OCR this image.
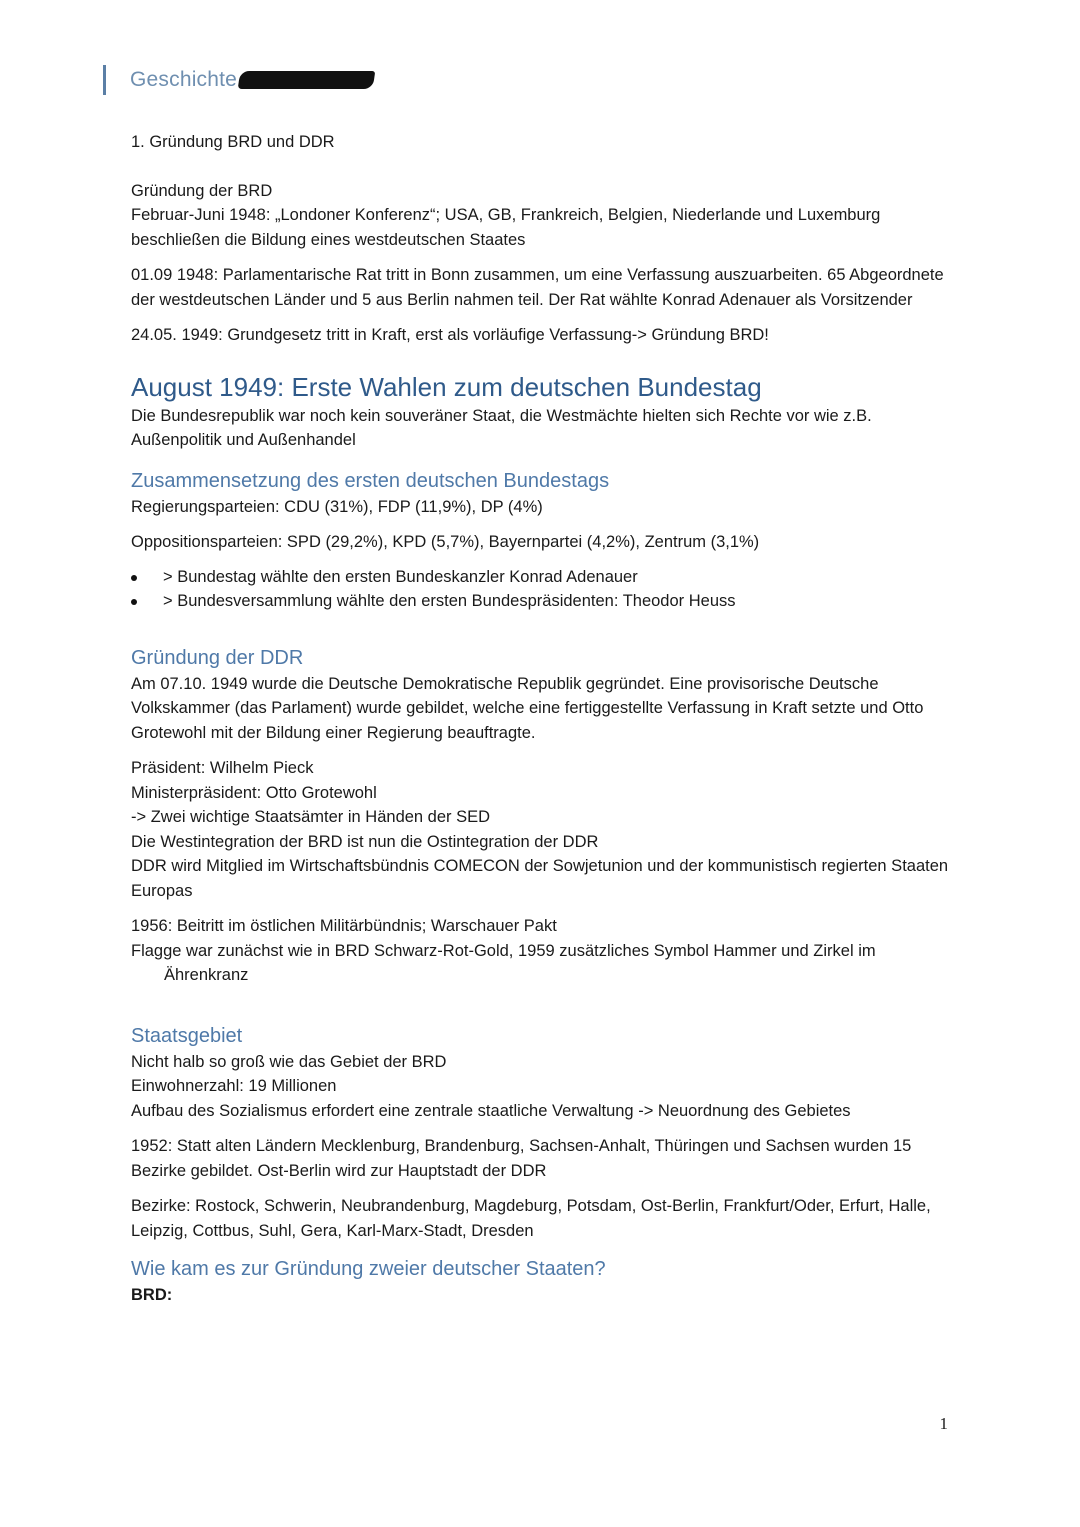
Geschichte

1. Gründung BRD und DDR

Gründung der BRD

Februar-Juni 1948: „Londoner Konferenz“; USA, GB, Frankreich, Belgien, Niederlande und Luxemburg beschließen die Bildung eines westdeutschen Staates

01.09 1948: Parlamentarische Rat tritt in Bonn zusammen, um eine Verfassung auszuarbeiten. 65 Abgeordnete der westdeutschen Länder und 5 aus Berlin nahmen teil. Der Rat wählte Konrad Adenauer als Vorsitzender

24.05. 1949: Grundgesetz tritt in Kraft, erst als vorläufige Verfassung-> Gründung BRD!

August 1949: Erste Wahlen zum deutschen Bundestag

Die Bundesrepublik war noch kein souveräner Staat, die Westmächte hielten sich Rechte vor wie z.B. Außenpolitik und Außenhandel

Zusammensetzung des ersten deutschen Bundestags

Regierungsparteien: CDU (31%), FDP (11,9%), DP (4%)

Oppositionsparteien: SPD (29,2%), KPD (5,7%), Bayernpartei (4,2%), Zentrum (3,1%)

> Bundestag wählte den ersten Bundeskanzler Konrad Adenauer
> Bundesversammlung wählte den ersten Bundespräsidenten: Theodor Heuss

Gründung der DDR

Am 07.10. 1949 wurde die Deutsche Demokratische Republik gegründet. Eine provisorische Deutsche Volkskammer (das Parlament) wurde gebildet, welche eine fertiggestellte Verfassung in Kraft setzte und Otto Grotewohl mit der Bildung einer Regierung beauftragte.

Präsident: Wilhelm Pieck

Ministerpräsident: Otto Grotewohl

-> Zwei wichtige Staatsämter in Händen der SED

Die Westintegration der BRD ist nun die Ostintegration der DDR

DDR wird Mitglied im Wirtschaftsbündnis COMECON der Sowjetunion und der kommunistisch regierten Staaten Europas

1956: Beitritt im östlichen Militärbündnis; Warschauer Pakt

Flagge war zunächst wie in BRD Schwarz-Rot-Gold, 1959 zusätzliches Symbol Hammer und Zirkel im Ährenkranz

Staatsgebiet

Nicht halb so groß wie das Gebiet der BRD

Einwohnerzahl: 19 Millionen

Aufbau des Sozialismus erfordert eine zentrale staatliche Verwaltung -> Neuordnung des Gebietes

1952: Statt alten Ländern Mecklenburg, Brandenburg, Sachsen-Anhalt, Thüringen und Sachsen wurden 15 Bezirke gebildet. Ost-Berlin wird zur Hauptstadt der DDR

Bezirke: Rostock, Schwerin, Neubrandenburg, Magdeburg, Potsdam, Ost-Berlin, Frankfurt/Oder, Erfurt, Halle, Leipzig, Cottbus, Suhl, Gera, Karl-Marx-Stadt, Dresden

Wie kam es zur Gründung zweier deutscher Staaten?

BRD:

1
